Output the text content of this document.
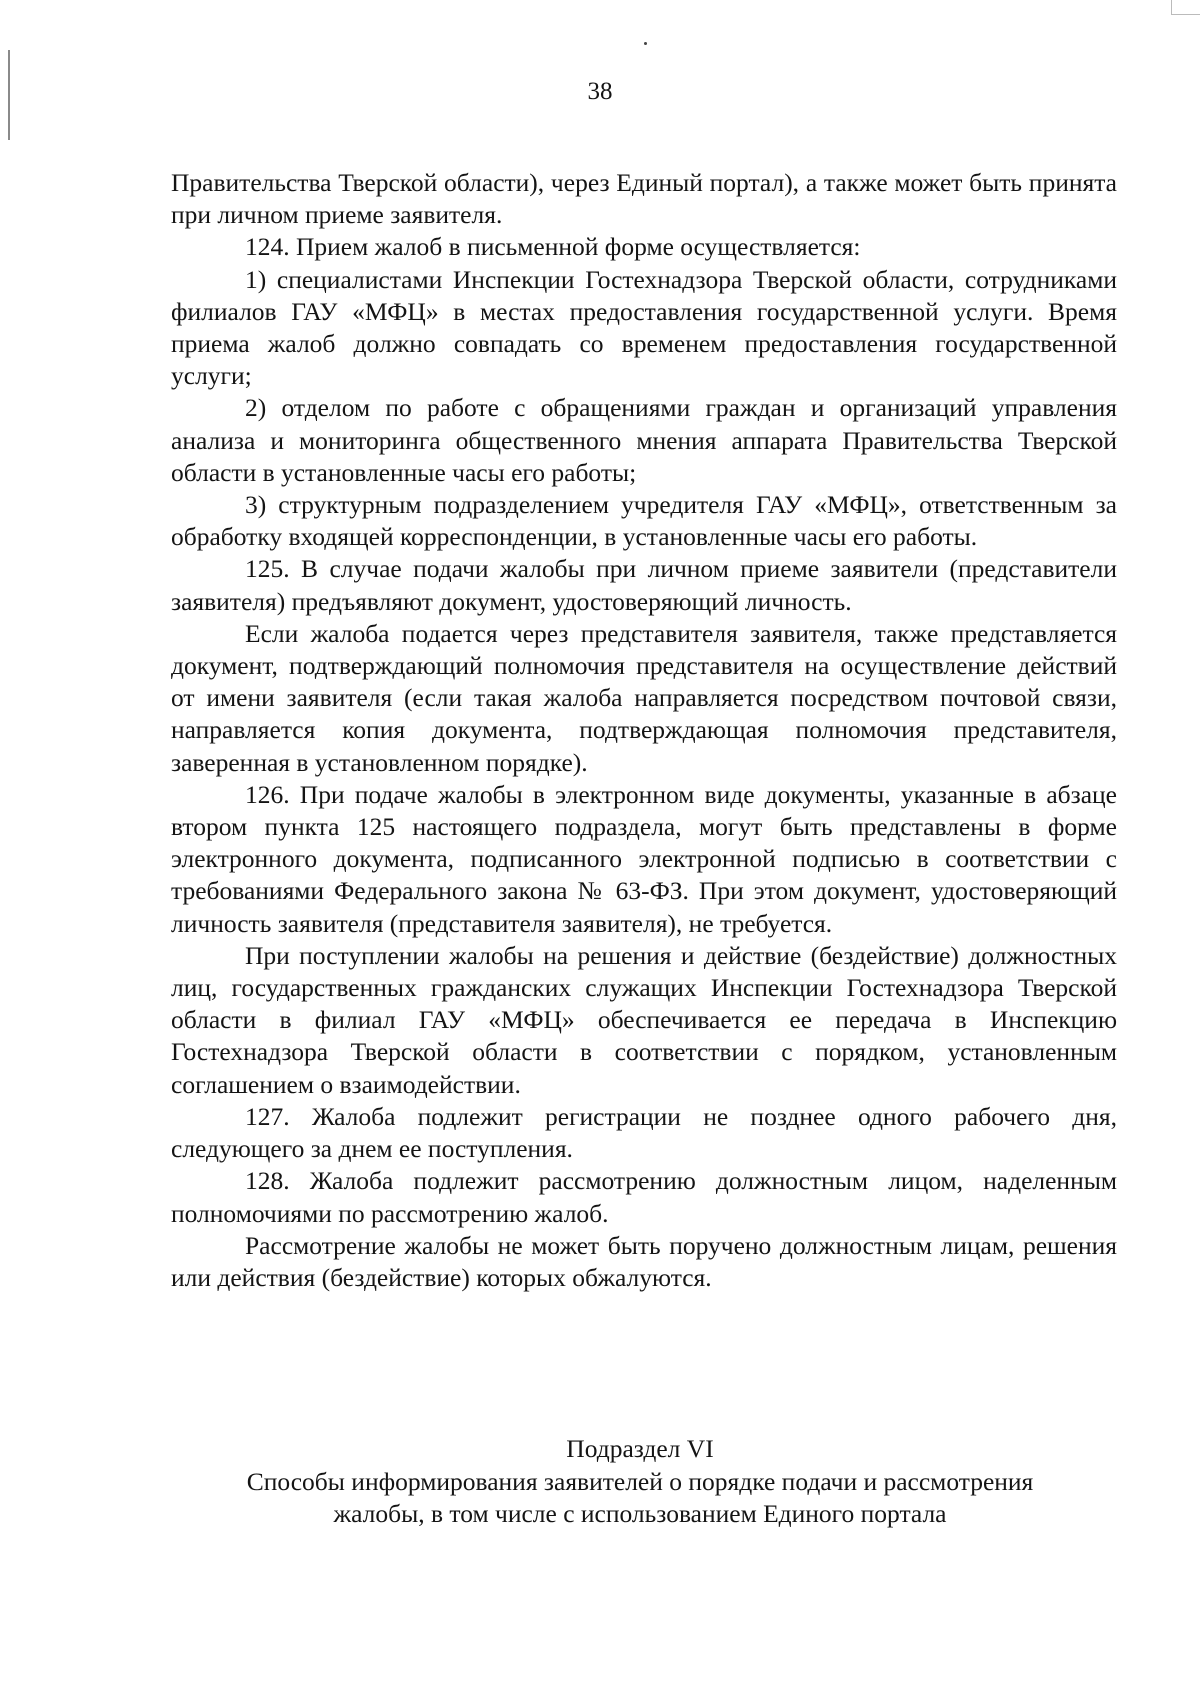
38

Правительства Тверской области), через Единый портал), а также может быть принята при личном приеме заявителя.

124. Прием жалоб в письменной форме осуществляется:

1) специалистами Инспекции Гостехнадзора Тверской области, сотрудниками филиалов ГАУ «МФЦ» в местах предоставления государственной услуги. Время приема жалоб должно совпадать со временем предоставления государственной услуги;

2) отделом по работе с обращениями граждан и организаций управления анализа и мониторинга общественного мнения аппарата Правительства Тверской области в установленные часы его работы;

3) структурным подразделением учредителя ГАУ «МФЦ», ответственным за обработку входящей корреспонденции, в установленные часы его работы.

125. В случае подачи жалобы при личном приеме заявители (представители заявителя) предъявляют документ, удостоверяющий личность.

Если жалоба подается через представителя заявителя, также представляется документ, подтверждающий полномочия представителя на осуществление действий от имени заявителя (если такая жалоба направляется посредством почтовой связи, направляется копия документа, подтверждающая полномочия представителя, заверенная в установленном порядке).

126. При подаче жалобы в электронном виде документы, указанные в абзаце втором пункта 125 настоящего подраздела, могут быть представлены в форме электронного документа, подписанного электронной подписью в соответствии с требованиями Федерального закона № 63-ФЗ. При этом документ, удостоверяющий личность заявителя (представителя заявителя), не требуется.

При поступлении жалобы на решения и действие (бездействие) должностных лиц, государственных гражданских служащих Инспекции Гостехнадзора Тверской области в филиал ГАУ «МФЦ» обеспечивается ее передача в Инспекцию Гостехнадзора Тверской области в соответствии с порядком, установленным соглашением о взаимодействии.

127. Жалоба подлежит регистрации не позднее одного рабочего дня, следующего за днем ее поступления.

128. Жалоба подлежит рассмотрению должностным лицом, наделенным полномочиями по рассмотрению жалоб.

Рассмотрение жалобы не может быть поручено должностным лицам, решения или действия (бездействие) которых обжалуются.

Подраздел VI
Способы информирования заявителей о порядке подачи и рассмотрения
жалобы, в том числе с использованием Единого портала
